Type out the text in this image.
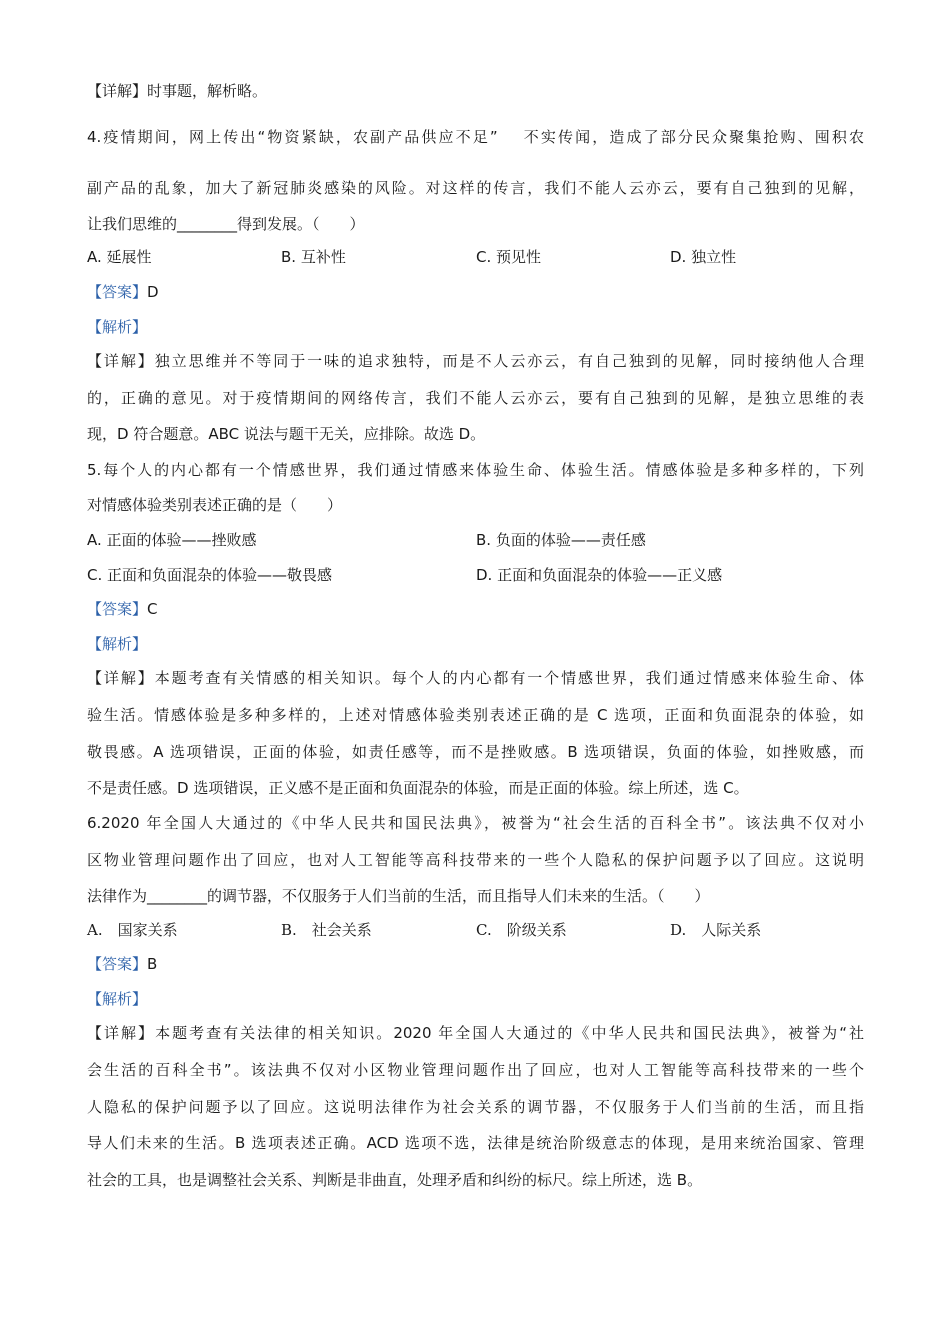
【详解】时事题，解析略。
4.疫情期间，网上传出“物资紧缺，农副产品供应不足”　 不实传闻，造成了部分民众聚集抢购、囤积农
副产品的乱象，加大了新冠肺炎感染的风险。对这样的传言，我们不能人云亦云，要有自己独到的见解，
让我们思维的________得到发展。（　　）
A. 延展性	B. 互补性	C. 预见性	D. 独立性
【答案】D
【解析】
【详解】独立思维并不等同于一味的追求独特，而是不人云亦云，有自己独到的见解，同时接纳他人合理
的，正确的意见。对于疫情期间的网络传言，我们不能人云亦云，要有自己独到的见解，是独立思维的表
现，D 符合题意。ABC 说法与题干无关，应排除。故选 D。
5.每个人的内心都有一个情感世界，我们通过情感来体验生命、体验生活。情感体验是多种多样的，下列
对情感体验类别表述正确的是（　　）
A. 正面的体验——挫败感	B. 负面的体验——责任感
C. 正面和负面混杂的体验——敬畏感	D. 正面和负面混杂的体验——正义感
【答案】C
【解析】
【详解】本题考查有关情感的相关知识。每个人的内心都有一个情感世界，我们通过情感来体验生命、体
验生活。情感体验是多种多样的，上述对情感体验类别表述正确的是 C 选项，正面和负面混杂的体验，如
敬畏感。A 选项错误，正面的体验，如责任感等，而不是挫败感。B 选项错误，负面的体验，如挫败感，而
不是责任感。D 选项错误，正义感不是正面和负面混杂的体验，而是正面的体验。综上所述，选 C。
6.2020 年全国人大通过的《中华人民共和国民法典》，被誉为“社会生活的百科全书”。该法典不仅对小
区物业管理问题作出了回应，也对人工智能等高科技带来的一些个人隐私的保护问题予以了回应。这说明
法律作为________的调节器，不仅服务于人们当前的生活，而且指导人们未来的生活。（　　）
A.　国家关系	B.　社会关系	C.　阶级关系	D.　人际关系
【答案】B
【解析】
【详解】本题考查有关法律的相关知识。2020 年全国人大通过的《中华人民共和国民法典》，被誉为“社
会生活的百科全书”。该法典不仅对小区物业管理问题作出了回应，也对人工智能等高科技带来的一些个
人隐私的保护问题予以了回应。这说明法律作为社会关系的调节器，不仅服务于人们当前的生活，而且指
导人们未来的生活。B 选项表述正确。ACD 选项不选，法律是统治阶级意志的体现，是用来统治国家、管理
社会的工具，也是调整社会关系、判断是非曲直，处理矛盾和纠纷的标尺。综上所述，选 B。
